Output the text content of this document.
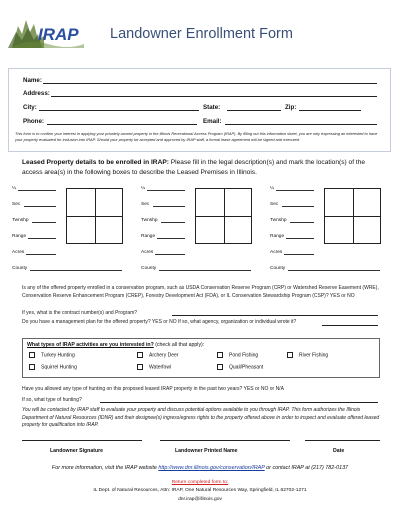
IRAP Landowner Enrollment Form
Name:
Address:
City:	State:	Zip:
Phone:	Email:
This form is to confirm your interest in applying your privately-owned property in the Illinois Recreational Access Program (IRAP). By filling out this information sheet, you are only expressing an interested to have your property evaluated for inclusion into IRAP. Should your property be accepted and approved by IRAP staff, a formal lease agreement will be signed and executed.
Leased Property details to be enrolled in IRAP: Please fill in the legal description(s) and mark the location(s) of the access area(s) in the following boxes to describe the Leased Premises in Illinois.
¼
Sec
Twnshp
Range
Acres
County
¼
Sec
Twnshp
Range
Acres
County
¼
Sec
Twnshp
Range
Acres
County
Is any of the offered property enrolled in a conservation program, such as USDA Conservation Reserve Program (CRP) or Watershed Reserve Easement (WRE), Conservation Reserve Enhancement Program (CREP), Forestry Development Act (FDA), or IL Conservation Stewardship Program (CSP)? YES or NO
If yes, what is the contract number(s) and Program?
Do you have a management plan for the offered property? YES or NO If so, what agency, organization or individual wrote it?
What types of IRAP activities are you interested in? (check all that apply):
Turkey Hunting	Archery Deer	Pond Fishing	River Fishing
Squirrel Hunting	Waterfowl	Quail/Pheasant
Have you allowed any type of hunting on this proposed leased IRAP property in the past two years? YES or NO or N/A
If so, what type of hunting?
You will be contacted by IRAP staff to evaluate your property and discuss potential options available to you through IRAP. This form authorizes the Illinois Department of Natural Resources (IDNR) and their designee(s) ingress/egress rights to the property offered above in order to inspect and evaluate offered leased property for qualification into IRAP.
Landowner Signature	Landowner Printed Name	Date
For more information, visit the IRAP website http://www.dnr.illinois.gov/conservation/IRAP or contact IRAP at (217) 782-0137
Return completed form to:
IL Dept. of Natural Resources, Attn: IRAP, One Natural Resources Way, Springfield, IL 62702-1271
dnr.irap@illinois.gov
